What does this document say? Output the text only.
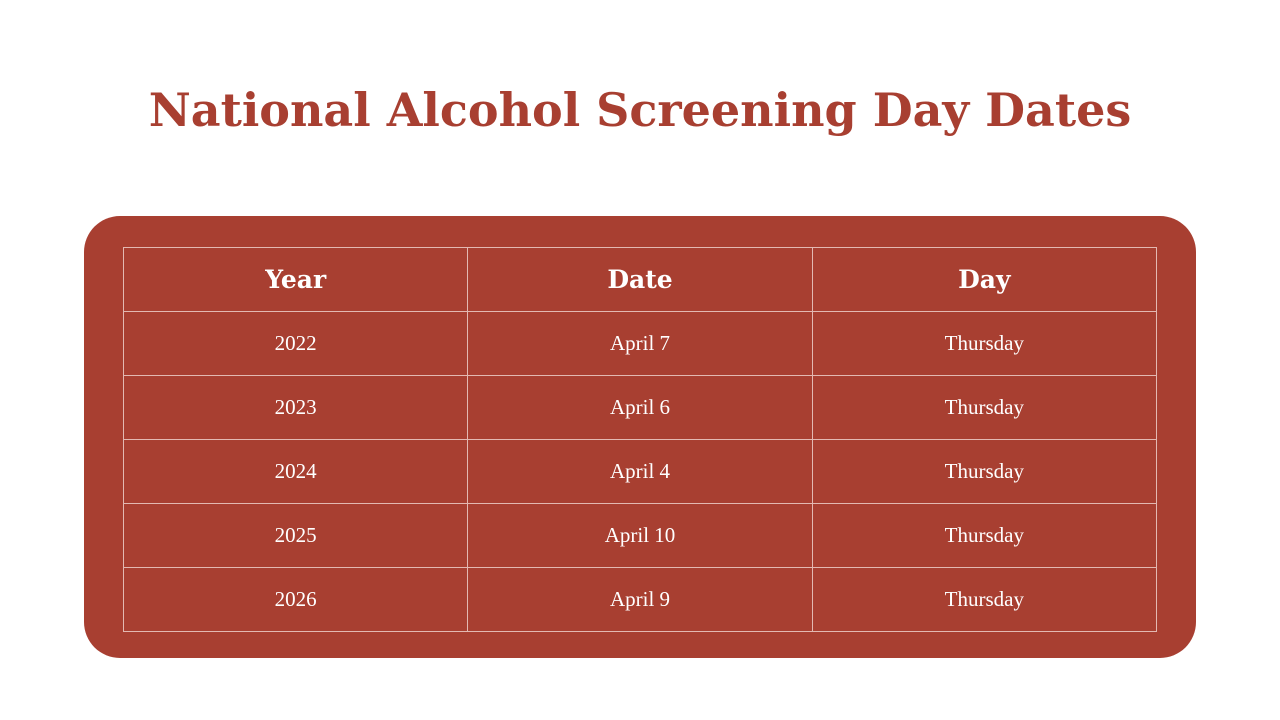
National Alcohol Screening Day Dates
Year	Date	Day
2022	April 7	Thursday
2023	April 6	Thursday
2024	April 4	Thursday
2025	April 10	Thursday
2026	April 9	Thursday
